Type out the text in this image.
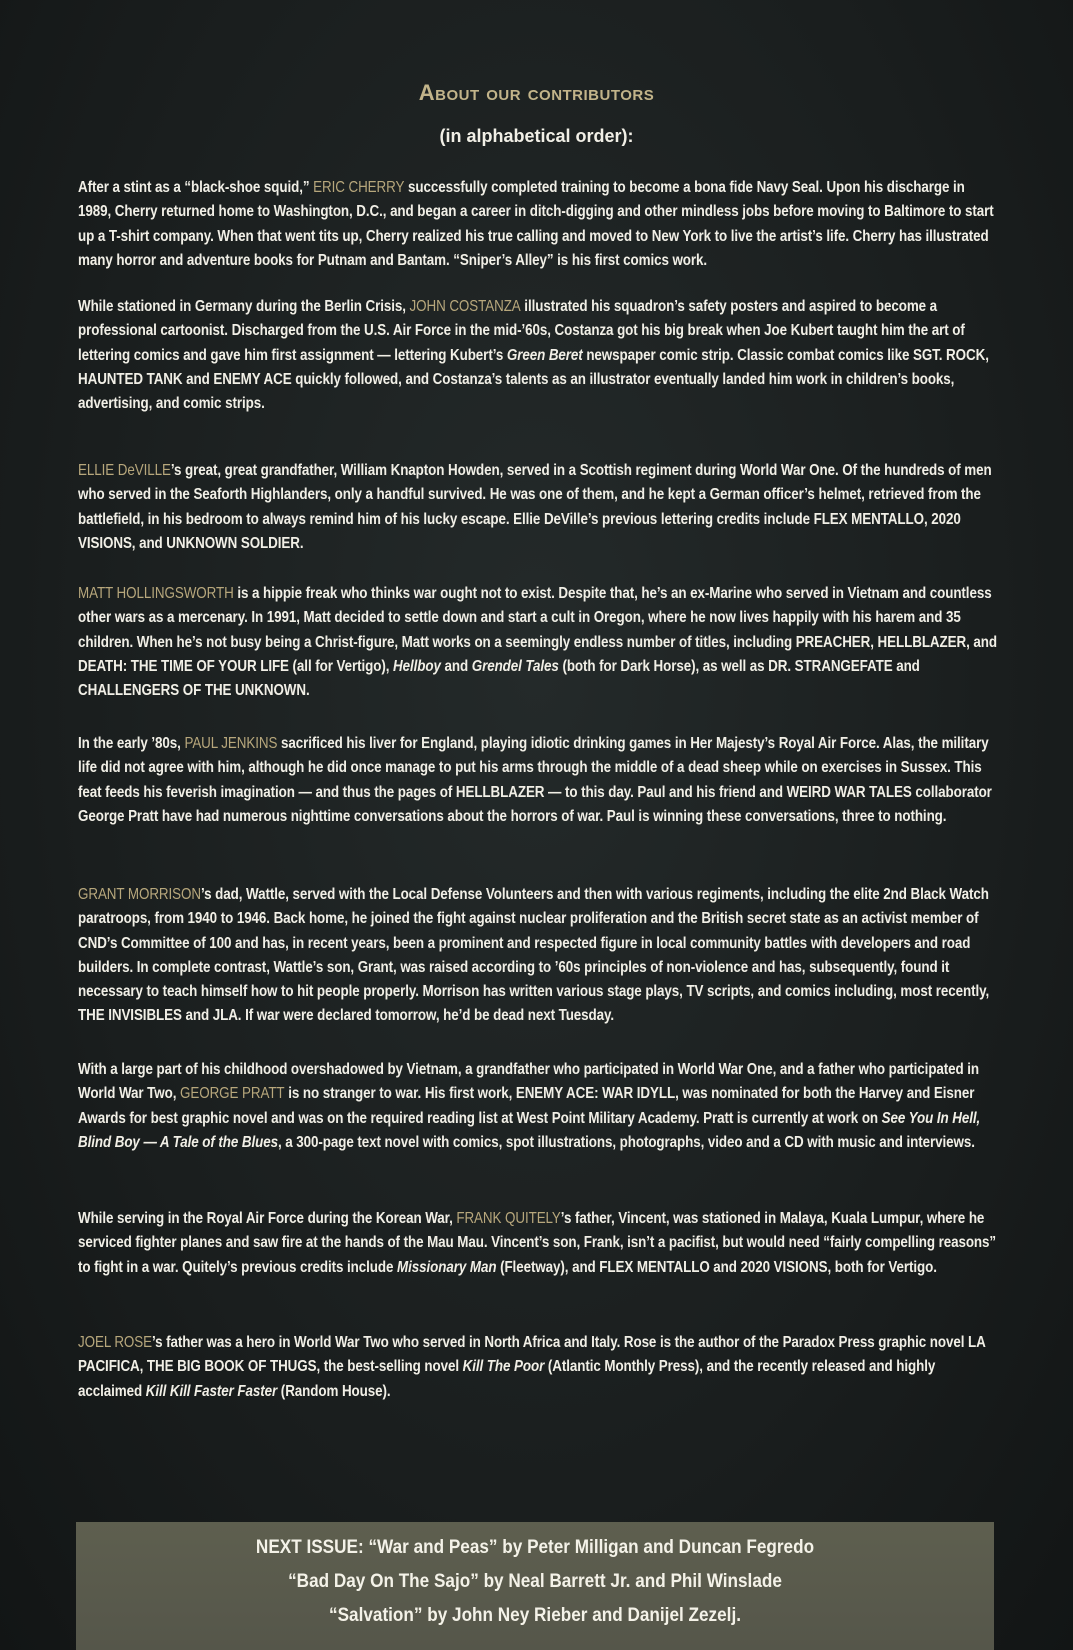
About our contributors
(in alphabetical order):
After a stint as a “black-shoe squid,” ERIC CHERRY successfully completed training to become a bona fide Navy Seal. Upon his discharge in 1989, Cherry returned home to Washington, D.C., and began a career in ditch-digging and other mindless jobs before moving to Baltimore to start up a T-shirt company. When that went tits up, Cherry realized his true calling and moved to New York to live the artist’s life. Cherry has illustrated many horror and adventure books for Putnam and Bantam. “Sniper’s Alley” is his first comics work.
While stationed in Germany during the Berlin Crisis, JOHN COSTANZA illustrated his squadron’s safety posters and aspired to become a professional cartoonist. Discharged from the U.S. Air Force in the mid-’60s, Costanza got his big break when Joe Kubert taught him the art of lettering comics and gave him first assignment — lettering Kubert’s Green Beret newspaper comic strip. Classic combat comics like SGT. ROCK, HAUNTED TANK and ENEMY ACE quickly followed, and Costanza’s talents as an illustrator eventually landed him work in children’s books, advertising, and comic strips.
ELLIE DeVILLE’s great, great grandfather, William Knapton Howden, served in a Scottish regiment during World War One. Of the hundreds of men who served in the Seaforth Highlanders, only a handful survived. He was one of them, and he kept a German officer’s helmet, retrieved from the battlefield, in his bedroom to always remind him of his lucky escape. Ellie DeVille’s previous lettering credits include FLEX MENTALLO, 2020 VISIONS, and UNKNOWN SOLDIER.
MATT HOLLINGSWORTH is a hippie freak who thinks war ought not to exist. Despite that, he’s an ex-Marine who served in Vietnam and countless other wars as a mercenary. In 1991, Matt decided to settle down and start a cult in Oregon, where he now lives happily with his harem and 35 children. When he’s not busy being a Christ-figure, Matt works on a seemingly endless number of titles, including PREACHER, HELLBLAZER, and DEATH: THE TIME OF YOUR LIFE (all for Vertigo), Hellboy and Grendel Tales (both for Dark Horse), as well as DR. STRANGEFATE and CHALLENGERS OF THE UNKNOWN.
In the early ’80s, PAUL JENKINS sacrificed his liver for England, playing idiotic drinking games in Her Majesty’s Royal Air Force. Alas, the military life did not agree with him, although he did once manage to put his arms through the middle of a dead sheep while on exercises in Sussex. This feat feeds his feverish imagination — and thus the pages of HELLBLAZER — to this day. Paul and his friend and WEIRD WAR TALES collaborator George Pratt have had numerous nighttime conversations about the horrors of war. Paul is winning these conversations, three to nothing.
GRANT MORRISON’s dad, Wattle, served with the Local Defense Volunteers and then with various regiments, including the elite 2nd Black Watch paratroops, from 1940 to 1946. Back home, he joined the fight against nuclear proliferation and the British secret state as an activist member of CND’s Committee of 100 and has, in recent years, been a prominent and respected figure in local community battles with developers and road builders. In complete contrast, Wattle’s son, Grant, was raised according to ’60s principles of non-violence and has, subsequently, found it necessary to teach himself how to hit people properly. Morrison has written various stage plays, TV scripts, and comics including, most recently, THE INVISIBLES and JLA. If war were declared tomorrow, he’d be dead next Tuesday.
With a large part of his childhood overshadowed by Vietnam, a grandfather who participated in World War One, and a father who participated in World War Two, GEORGE PRATT is no stranger to war. His first work, ENEMY ACE: WAR IDYLL, was nominated for both the Harvey and Eisner Awards for best graphic novel and was on the required reading list at West Point Military Academy. Pratt is currently at work on See You In Hell, Blind Boy — A Tale of the Blues, a 300-page text novel with comics, spot illustrations, photographs, video and a CD with music and interviews.
While serving in the Royal Air Force during the Korean War, FRANK QUITELY’s father, Vincent, was stationed in Malaya, Kuala Lumpur, where he serviced fighter planes and saw fire at the hands of the Mau Mau. Vincent’s son, Frank, isn’t a pacifist, but would need “fairly compelling reasons” to fight in a war. Quitely’s previous credits include Missionary Man (Fleetway), and FLEX MENTALLO and 2020 VISIONS, both for Vertigo.
JOEL ROSE’s father was a hero in World War Two who served in North Africa and Italy. Rose is the author of the Paradox Press graphic novel LA PACIFICA, THE BIG BOOK OF THUGS, the best-selling novel Kill The Poor (Atlantic Monthly Press), and the recently released and highly acclaimed Kill Kill Faster Faster (Random House).
NEXT ISSUE: “War and Peas” by Peter Milligan and Duncan Fegredo
“Bad Day On The Sajo” by Neal Barrett Jr. and Phil Winslade
“Salvation” by John Ney Rieber and Danijel Zezelj.
